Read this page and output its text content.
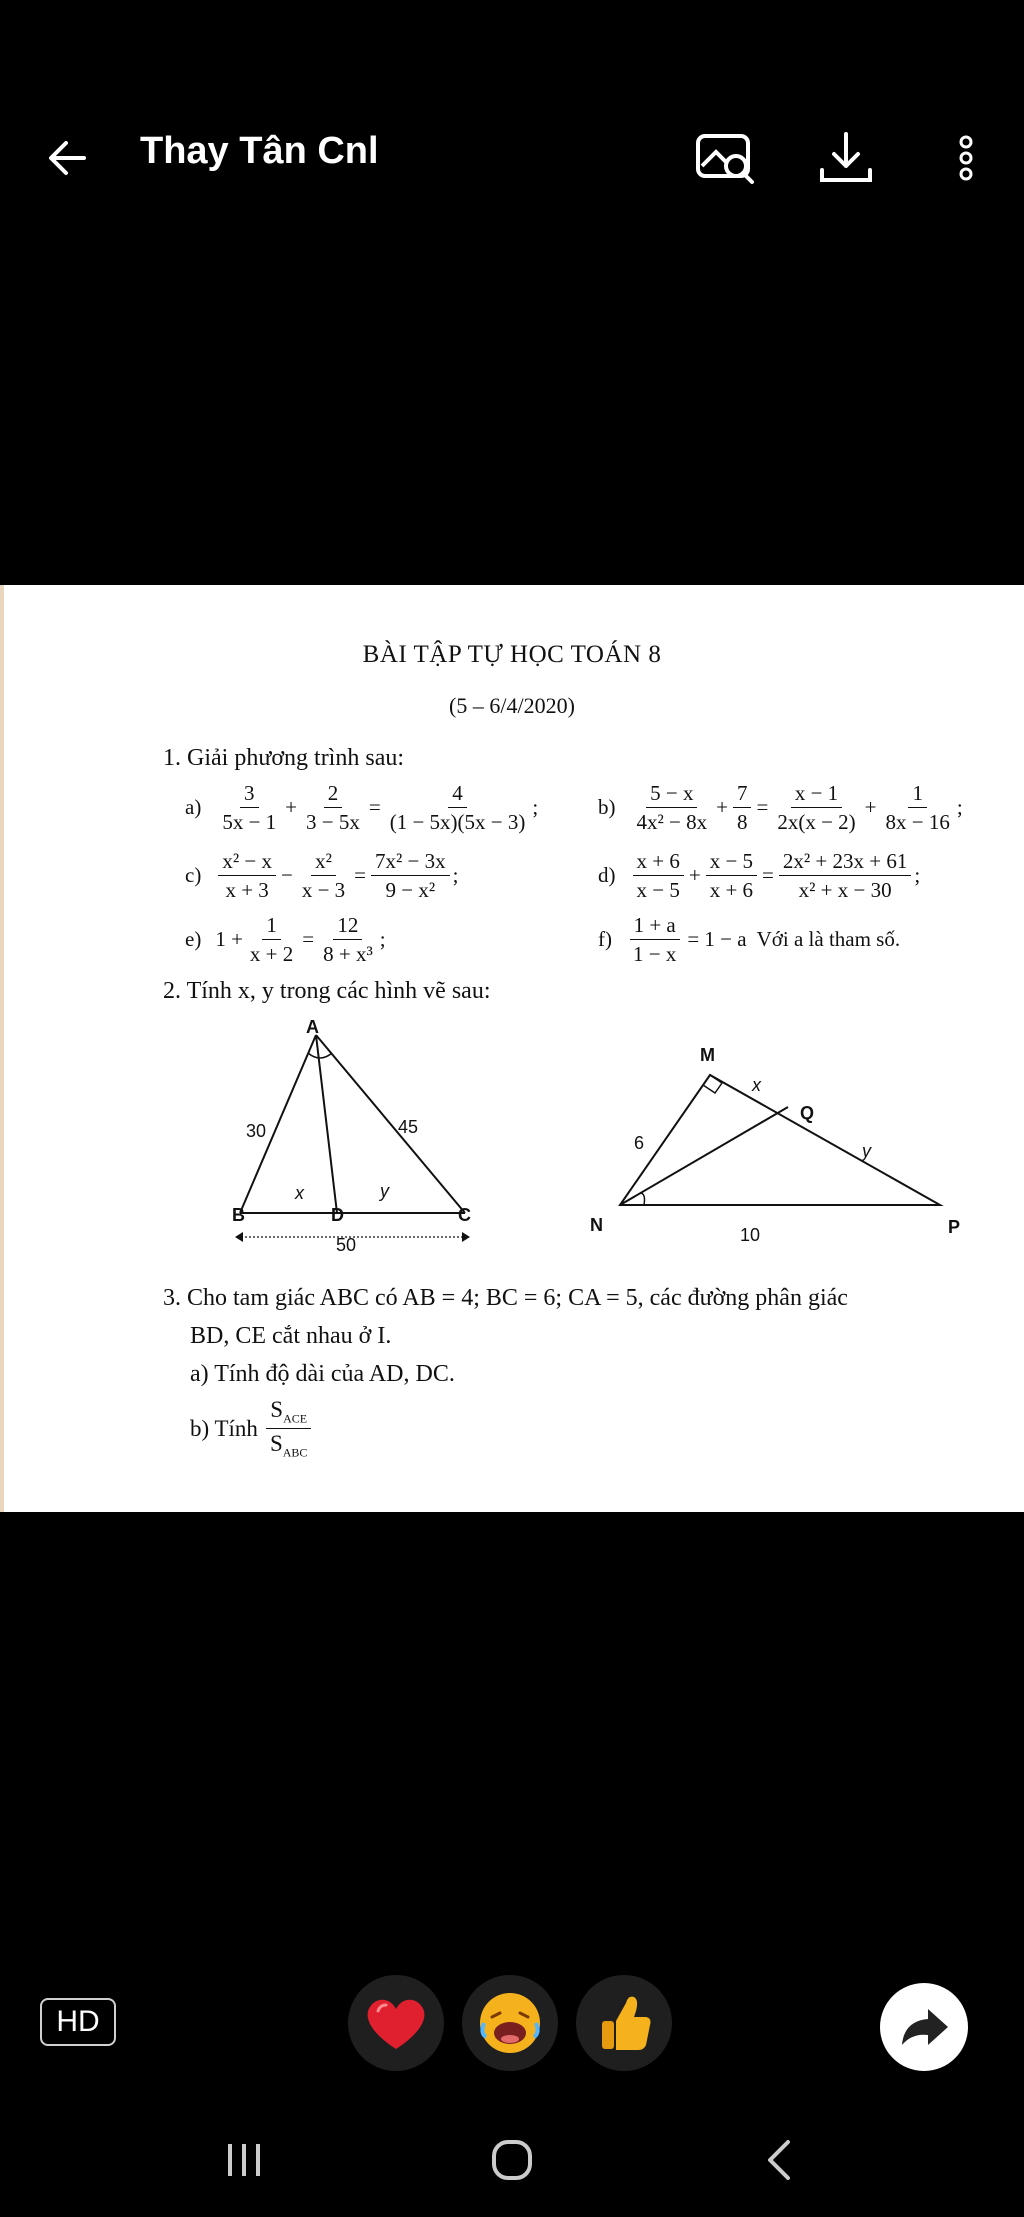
Thay Tân Cnl
BÀI TẬP TỰ HỌC TOÁN 8
(5 – 6/4/2020)
1. Giải phương trình sau:
$a) \frac{3}{5x - 1} + \frac{2}{3 - 5x} = \frac{4}{(1 - 5x)(5x - 3)}$ ;	$b) \frac{5 - x}{\text{4x² − 8x}} + \frac{7}{8} = \frac{x - 1}{2x(x - 2)} + \frac{1}{8x - 16}$ ;
$c) \frac{\text{x² − x}}{x + 3} - \frac{\text{x²}}{x - 3} = \frac{\text{7x² − 3x}}{\text{9 − x²}}$ ;	$d) \frac{x + 6}{x - 5} + \frac{x - 5}{x + 6} = \frac{\text{2x² + 23x + 61}}{\text{x² + x − 30}}$ ;
e) $1 + \frac{1}{x + 2} = \frac{12}{\text{8 + x³}}$ ;	$f) \frac{1 + a}{1 - x} = 1 - a$ Với a là tham số.
2. Tính x, y trong các hình vẽ sau:
A
B	C
D
30	45
x	y
50
M
N	P
Q
6
10
x
y
3. Cho tam giác ABC có AB = 4; BC = 6; CA = 5, các đường phân giác
BD, CE cắt nhau ở I.
a) Tính độ dài của AD, DC.
b) Tính $\frac{S_{ACE}}{S_{ABC}}$
HD
